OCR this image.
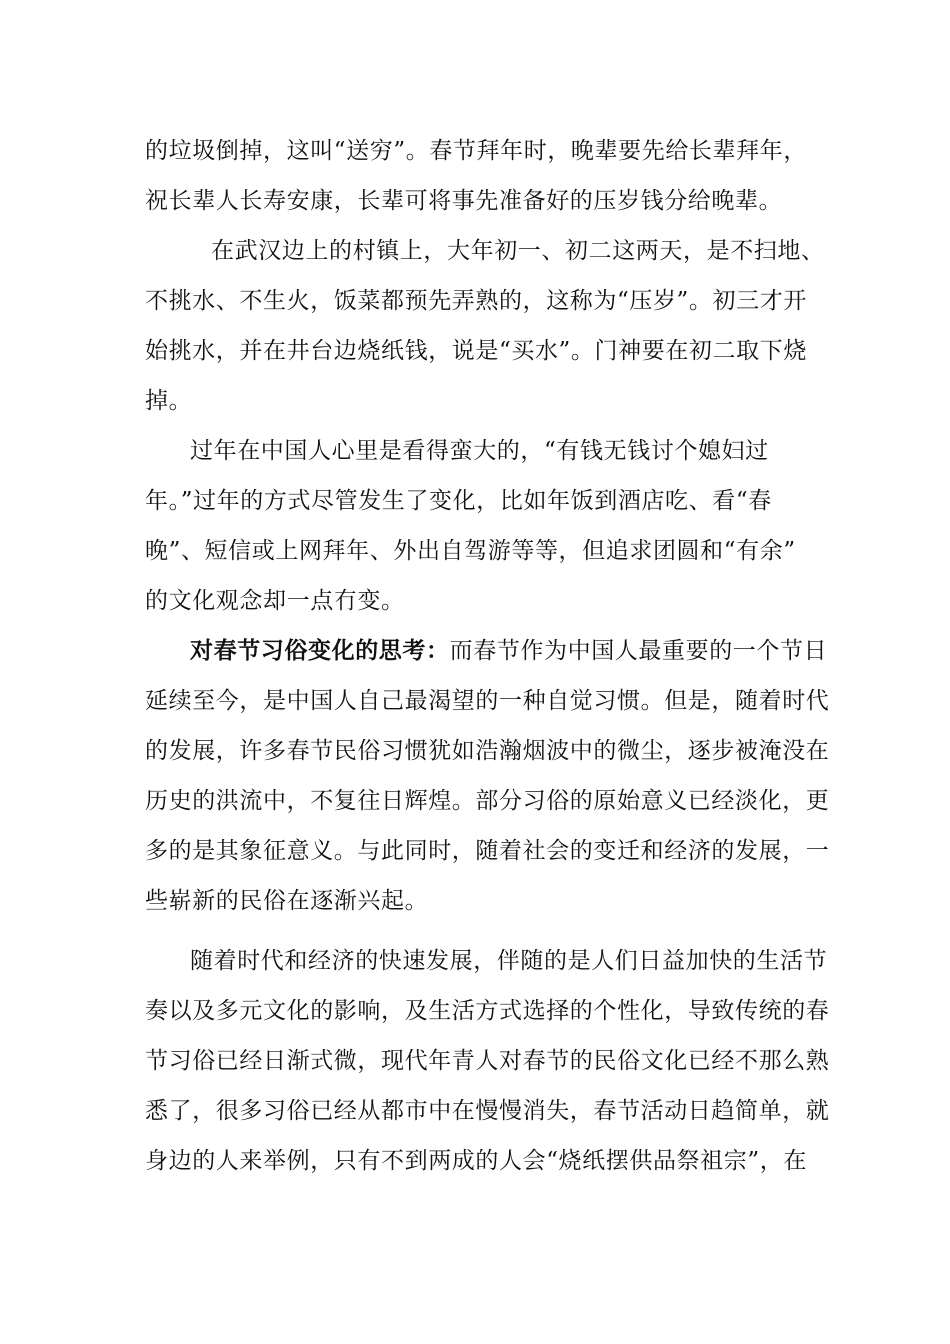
的垃圾倒掉，这叫“送穷”。春节拜年时，晚辈要先给长辈拜年，
祝长辈人长寿安康，长辈可将事先准备好的压岁钱分给晚辈。
在武汉边上的村镇上，大年初一、初二这两天，是不扫地、
不挑水、不生火，饭菜都预先弄熟的，这称为“压岁”。初三才开
始挑水，并在井台边烧纸钱，说是“买水”。门神要在初二取下烧
掉。
过年在中国人心里是看得蛮大的，“有钱无钱讨个媳妇过
年。”过年的方式尽管发生了变化，比如年饭到酒店吃、看“春
晚”、短信或上网拜年、外出自驾游等等，但追求团圆和“有余”
的文化观念却一点冇变。
对春节习俗变化的思考：而春节作为中国人最重要的一个节日
延续至今，是中国人自己最渴望的一种自觉习惯。但是，随着时代
的发展，许多春节民俗习惯犹如浩瀚烟波中的微尘，逐步被淹没在
历史的洪流中，不复往日辉煌。部分习俗的原始意义已经淡化，更
多的是其象征意义。与此同时，随着社会的变迁和经济的发展，一
些崭新的民俗在逐渐兴起。
随着时代和经济的快速发展，伴随的是人们日益加快的生活节
奏以及多元文化的影响，及生活方式选择的个性化，导致传统的春
节习俗已经日渐式微，现代年青人对春节的民俗文化已经不那么熟
悉了，很多习俗已经从都市中在慢慢消失，春节活动日趋简单，就
身边的人来举例，只有不到两成的人会“烧纸摆供品祭祖宗”，在
